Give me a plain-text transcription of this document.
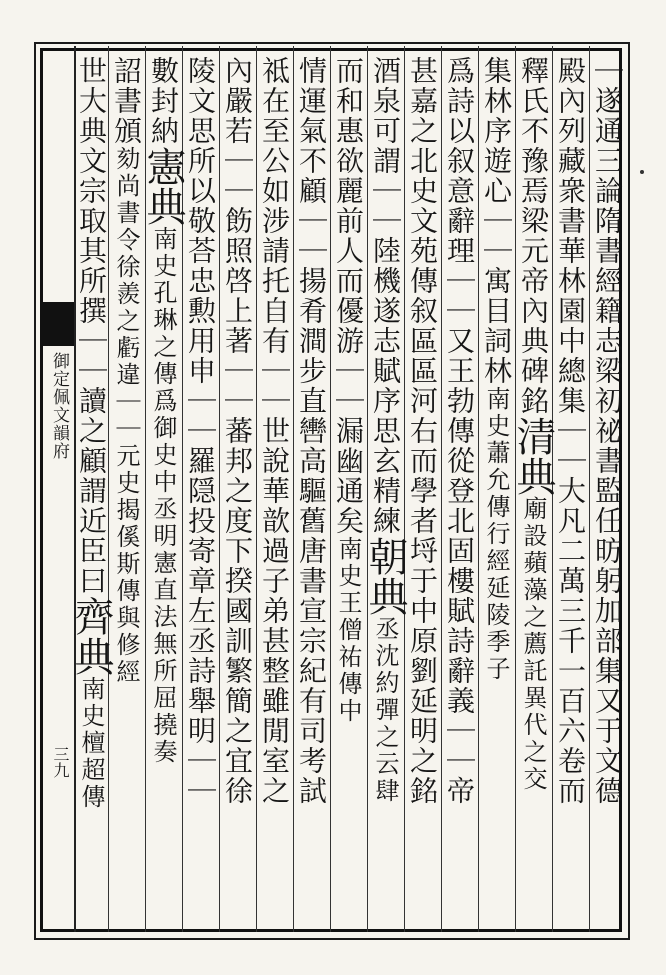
御定佩文韻府
三九	｜遂通三論隋書經籍志梁初祕書監任昉躬加部集又于文德
殿內列藏衆書華林園中總集｜｜大凡二萬三千一百六卷而
釋氏不豫焉梁元帝內典碑銘清典廟設蘋藻之薦託異代之交
集林序遊心｜｜寓目詞林南史蕭允傳行經延陵季子
爲詩以叙意辭理｜｜又王勃傳從登北固樓賦詩辭義｜｜帝
甚嘉之北史文苑傳叙區區河右而學者埒于中原劉延明之銘
酒泉可謂｜｜陸機遂志賦序思玄精練朝典丞沈約彈之云肆
而和惠欲麗前人而優游｜｜漏幽通矣南史王僧祐傳中
情運氣不顧｜｜揚肴澗步直轡高驅舊唐書宣宗紀有司考試
祗在至公如涉請托自有｜｜世說華歆過子弟甚整雖閒室之
內嚴若｜｜飭照啓上著｜｜蕃邦之度下揆國訓繁簡之宜徐
陵文思所以敬荅忠勲用申｜｜羅隠投寄章左丞詩舉明｜｜
數封納憲典南史孔琳之傳爲御史中丞明憲直法無所屈撓奏
詔書頒劾尚書令徐羨之虧違｜｜元史揭傒斯傳與修經
世大典文宗取其所撰｜｜讀之顧謂近臣曰齊典南史檀超傳
